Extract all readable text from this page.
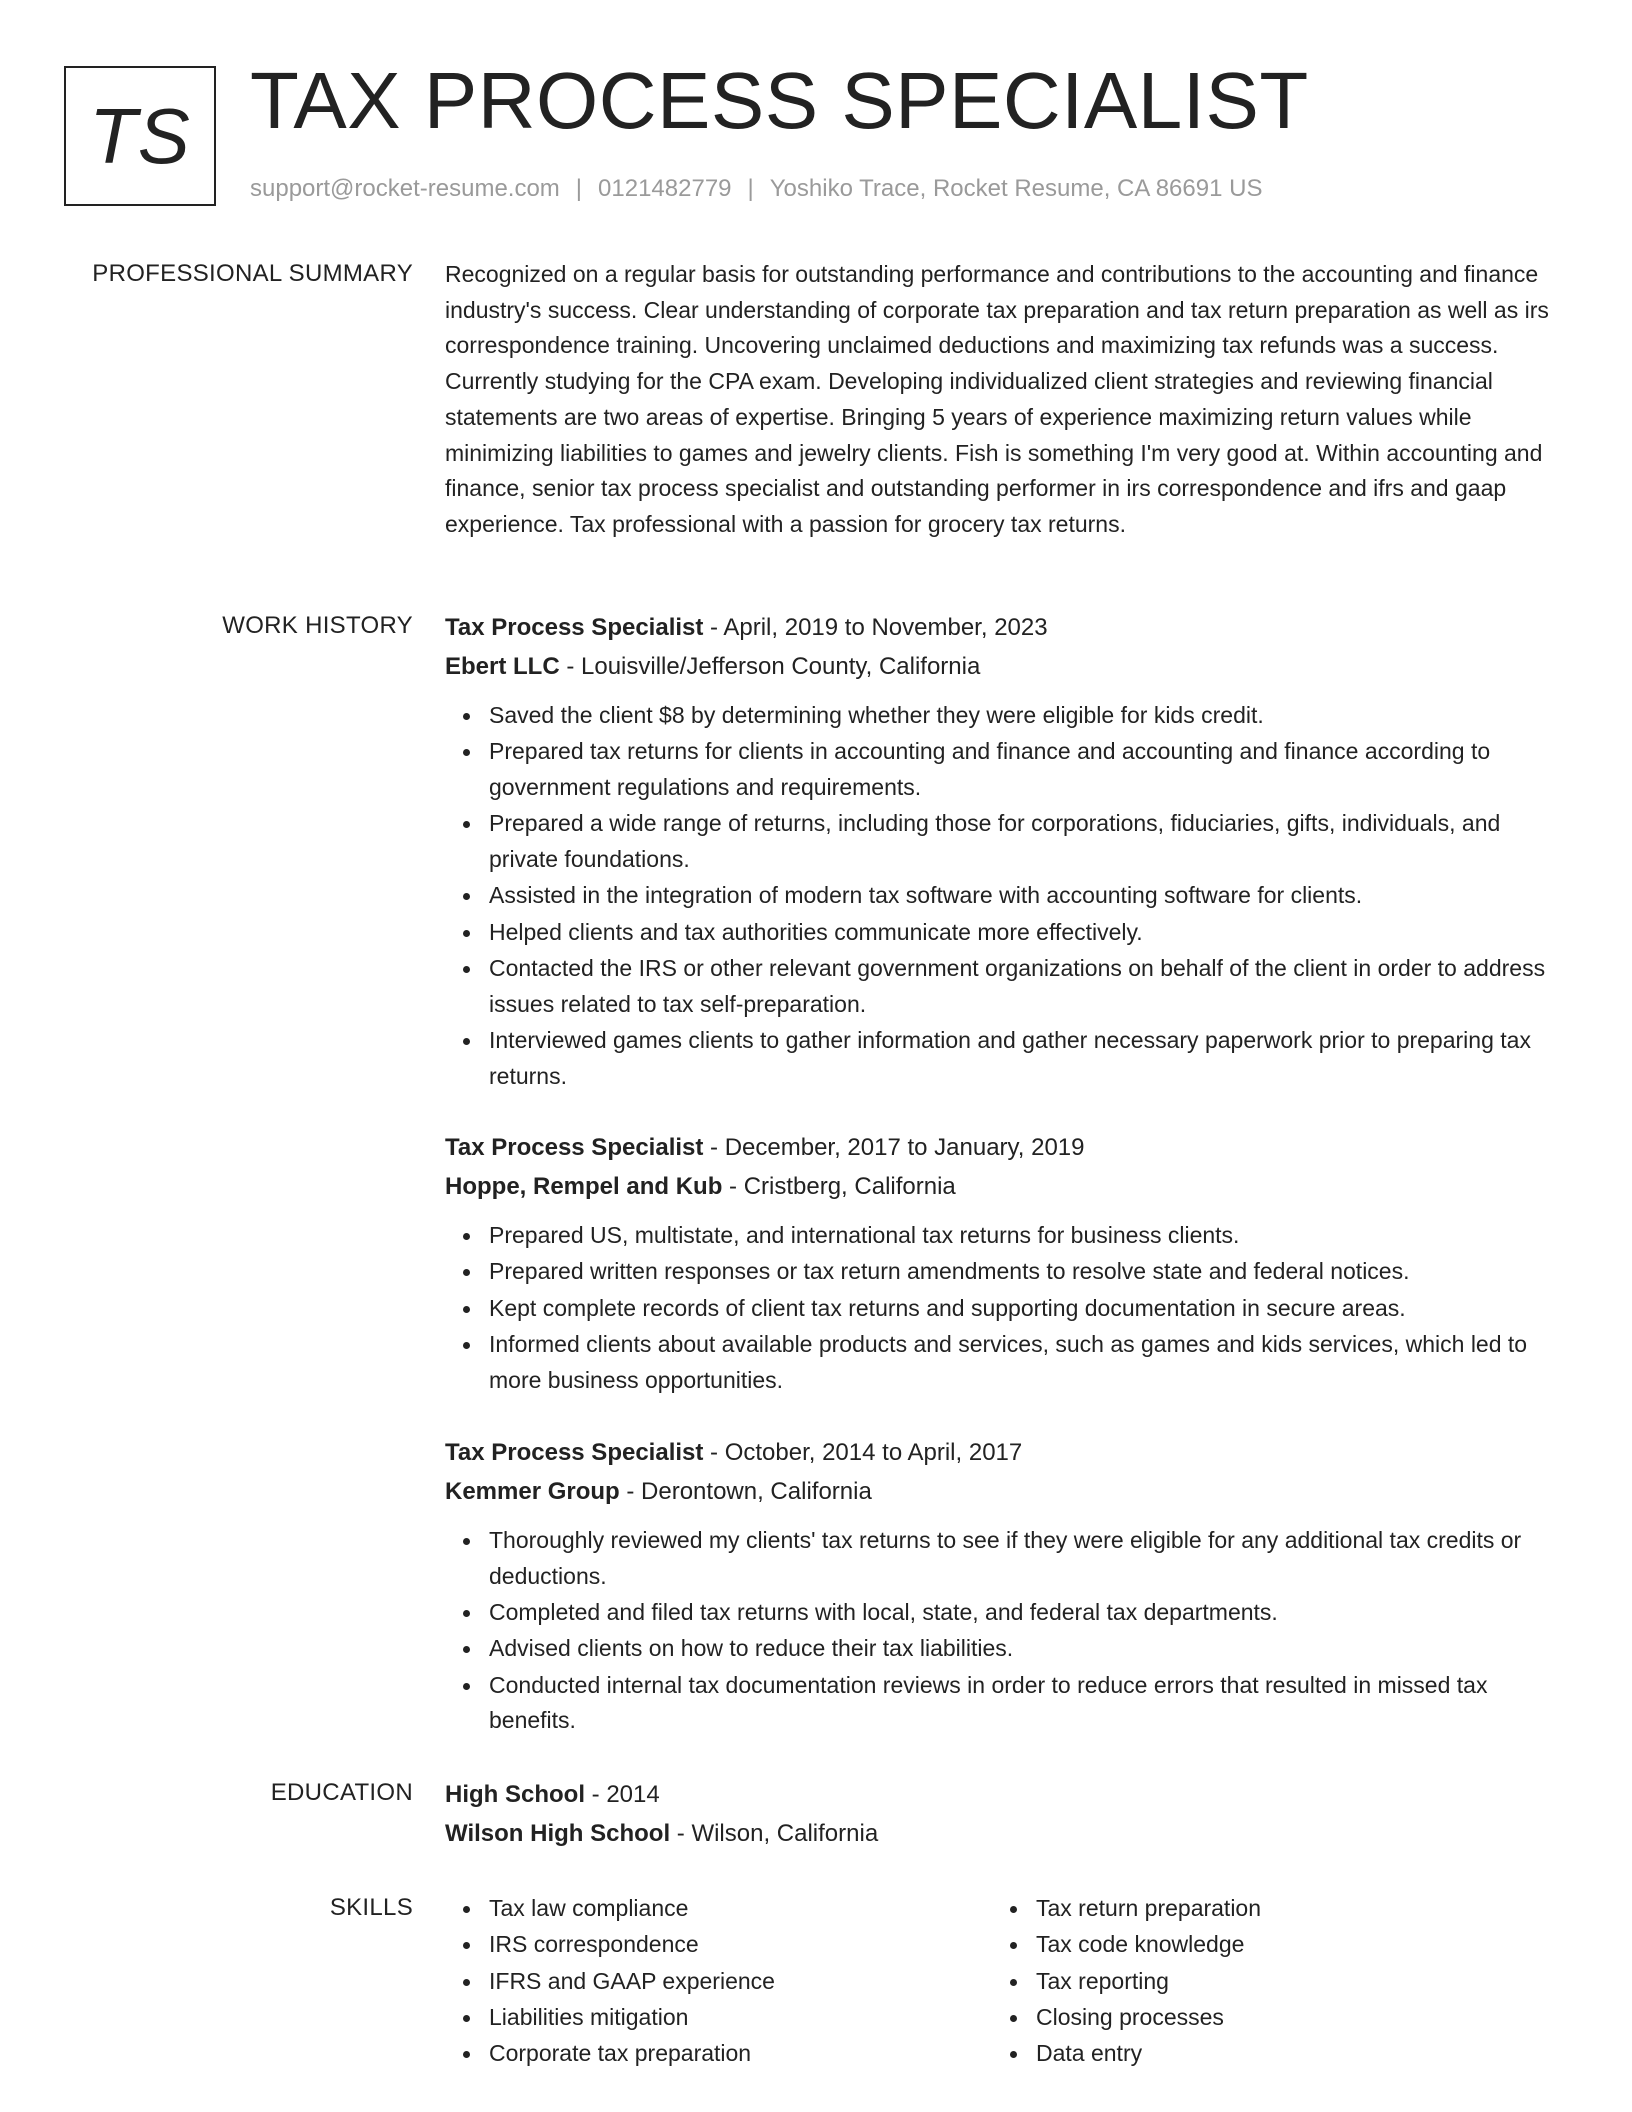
TS TAX PROCESS SPECIALIST
support@rocket-resume.com | 0121482779 | Yoshiko Trace, Rocket Resume, CA 86691 US
PROFESSIONAL SUMMARY Recognized on a regular basis for outstanding performance and contributions to the accounting and finance industry's success. Clear understanding of corporate tax preparation and tax return preparation as well as irs correspondence training. Uncovering unclaimed deductions and maximizing tax refunds was a success. Currently studying for the CPA exam. Developing individualized client strategies and reviewing financial statements are two areas of expertise. Bringing 5 years of experience maximizing return values while minimizing liabilities to games and jewelry clients. Fish is something I'm very good at. Within accounting and finance, senior tax process specialist and outstanding performer in irs correspondence and ifrs and gaap experience. Tax professional with a passion for grocery tax returns.

WORK HISTORY Tax Process Specialist - April, 2019 to November, 2023
Ebert LLC - Louisville/Jefferson County, California
Saved the client $8 by determining whether they were eligible for kids credit.
Prepared tax returns for clients in accounting and finance and accounting and finance according to government regulations and requirements.
Prepared a wide range of returns, including those for corporations, fiduciaries, gifts, individuals, and private foundations.
Assisted in the integration of modern tax software with accounting software for clients.
Helped clients and tax authorities communicate more effectively.
Contacted the IRS or other relevant government organizations on behalf of the client in order to address issues related to tax self-preparation.
Interviewed games clients to gather information and gather necessary paperwork prior to preparing tax returns.
Tax Process Specialist - December, 2017 to January, 2019
Hoppe, Rempel and Kub - Cristberg, California
Prepared US, multistate, and international tax returns for business clients.
Prepared written responses or tax return amendments to resolve state and federal notices.
Kept complete records of client tax returns and supporting documentation in secure areas.
Informed clients about available products and services, such as games and kids services, which led to more business opportunities.
Tax Process Specialist - October, 2014 to April, 2017
Kemmer Group - Derontown, California
Thoroughly reviewed my clients' tax returns to see if they were eligible for any additional tax credits or deductions.
Completed and filed tax returns with local, state, and federal tax departments.
Advised clients on how to reduce their tax liabilities.
Conducted internal tax documentation reviews in order to reduce errors that resulted in missed tax benefits.
EDUCATION High School - 2014
Wilson High School - Wilson, California
SKILLS	Tax law compliance
IRS correspondence
IFRS and GAAP experience
Liabilities mitigation
Corporate tax preparation
Tax return preparation
Tax code knowledge
Tax reporting
Closing processes
Data entry
